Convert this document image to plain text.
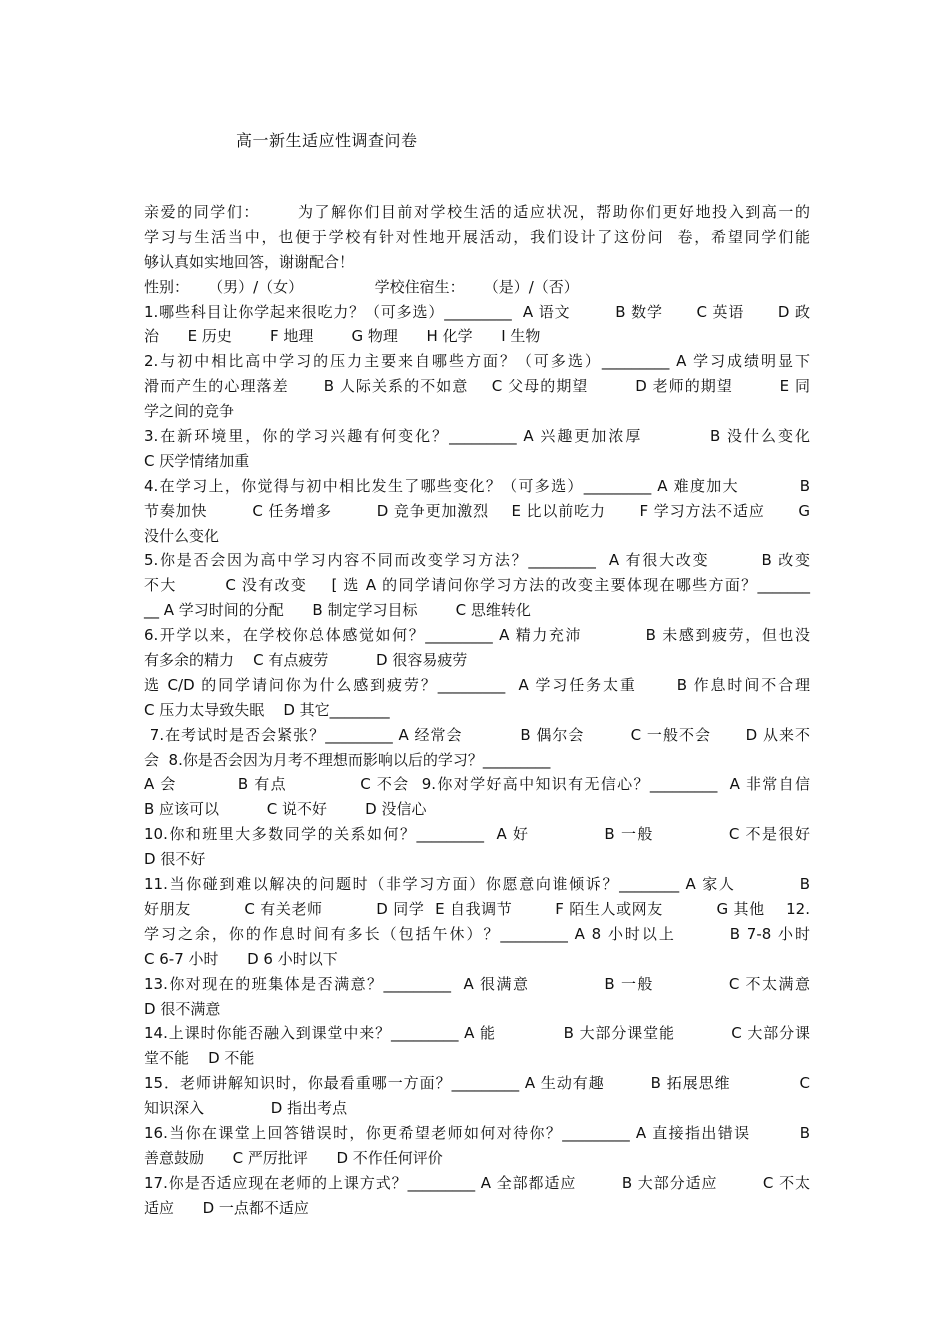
高一新生适应性调查问卷
亲爱的同学们：      为了解你们目前对学校生活的适应状况，帮助你们更好地投入到高一的
学习与生活当中，也便于学校有针对性地开展活动，我们设计了这份问  卷，希望同学们能
够认真如实地回答，谢谢配合！
性别：    （男）/（女）               学校住宿生：    （是）/（否）
1.哪些科目让你学起来很吃力？（可多选）_________  A 语文        B 数学      C 英语      D 政
治      E 历史        F 地理        G 物理      H 化学      I 生物
2.与初中相比高中学习的压力主要来自哪些方面？（可多选）_________ A 学习成绩明显下
滑而产生的心理落差      B 人际关系的不如意    C 父母的期望        D 老师的期望        E 同
学之间的竞争
3.在新环境里，你的学习兴趣有何变化？_________ A 兴趣更加浓厚          B 没什么变化
C 厌学情绪加重
4.在学习上，你觉得与初中相比发生了哪些变化？（可多选）_________ A 难度加大          B
节奏加快        C 任务增多        D 竞争更加激烈    E 比以前吃力      F 学习方法不适应      G
没什么变化
5.你是否会因为高中学习内容不同而改变学习方法？_________  A 有很大改变        B 改变
不大        C 没有改变    [ 选 A 的同学请问你学习方法的改变主要体现在哪些方面？_______
__ A 学习时间的分配      B 制定学习目标        C 思维转化
6.开学以来，在学校你总体感觉如何？_________ A 精力充沛          B 未感到疲劳，但也没
有多余的精力    C 有点疲劳          D 很容易疲劳
选 C/D 的同学请问你为什么感到疲劳？_________  A 学习任务太重      B 作息时间不合理
C 压力太导致失眠    D 其它________
7.在考试时是否会紧张？_________ A 经常会          B 偶尔会        C 一般不会      D 从来不
会  8.你是否会因为月考不理想而影响以后的学习？_________
A 会          B 有点            C 不会  9.你对学好高中知识有无信心？_________  A 非常自信
B 应该可以          C 说不好        D 没信心
10.你和班里大多数同学的关系如何？_________  A 好            B 一般            C 不是很好
D 很不好
11.当你碰到难以解决的问题时（非学习方面）你愿意向谁倾诉？________ A 家人          B
好朋友          C 有关老师          D 同学  E 自我调节        F 陌生人或网友          G 其他    12.
学习之余，你的作息时间有多长（包括午休）？_________ A 8 小时以上        B 7-8 小时
C 6-7 小时      D 6 小时以下
13.你对现在的班集体是否满意？_________  A 很满意            B 一般            C 不太满意
D 很不满意
14.上课时你能否融入到课堂中来？_________ A 能            B 大部分课堂能          C 大部分课
堂不能    D 不能
15．老师讲解知识时，你最看重哪一方面？_________ A 生动有趣        B 拓展思维            C
知识深入              D 指出考点
16.当你在课堂上回答错误时，你更希望老师如何对待你？_________ A 直接指出错误        B
善意鼓励      C 严厉批评      D 不作任何评价
17.你是否适应现在老师的上课方式？_________ A 全部都适应        B 大部分适应        C 不太
适应      D 一点都不适应
